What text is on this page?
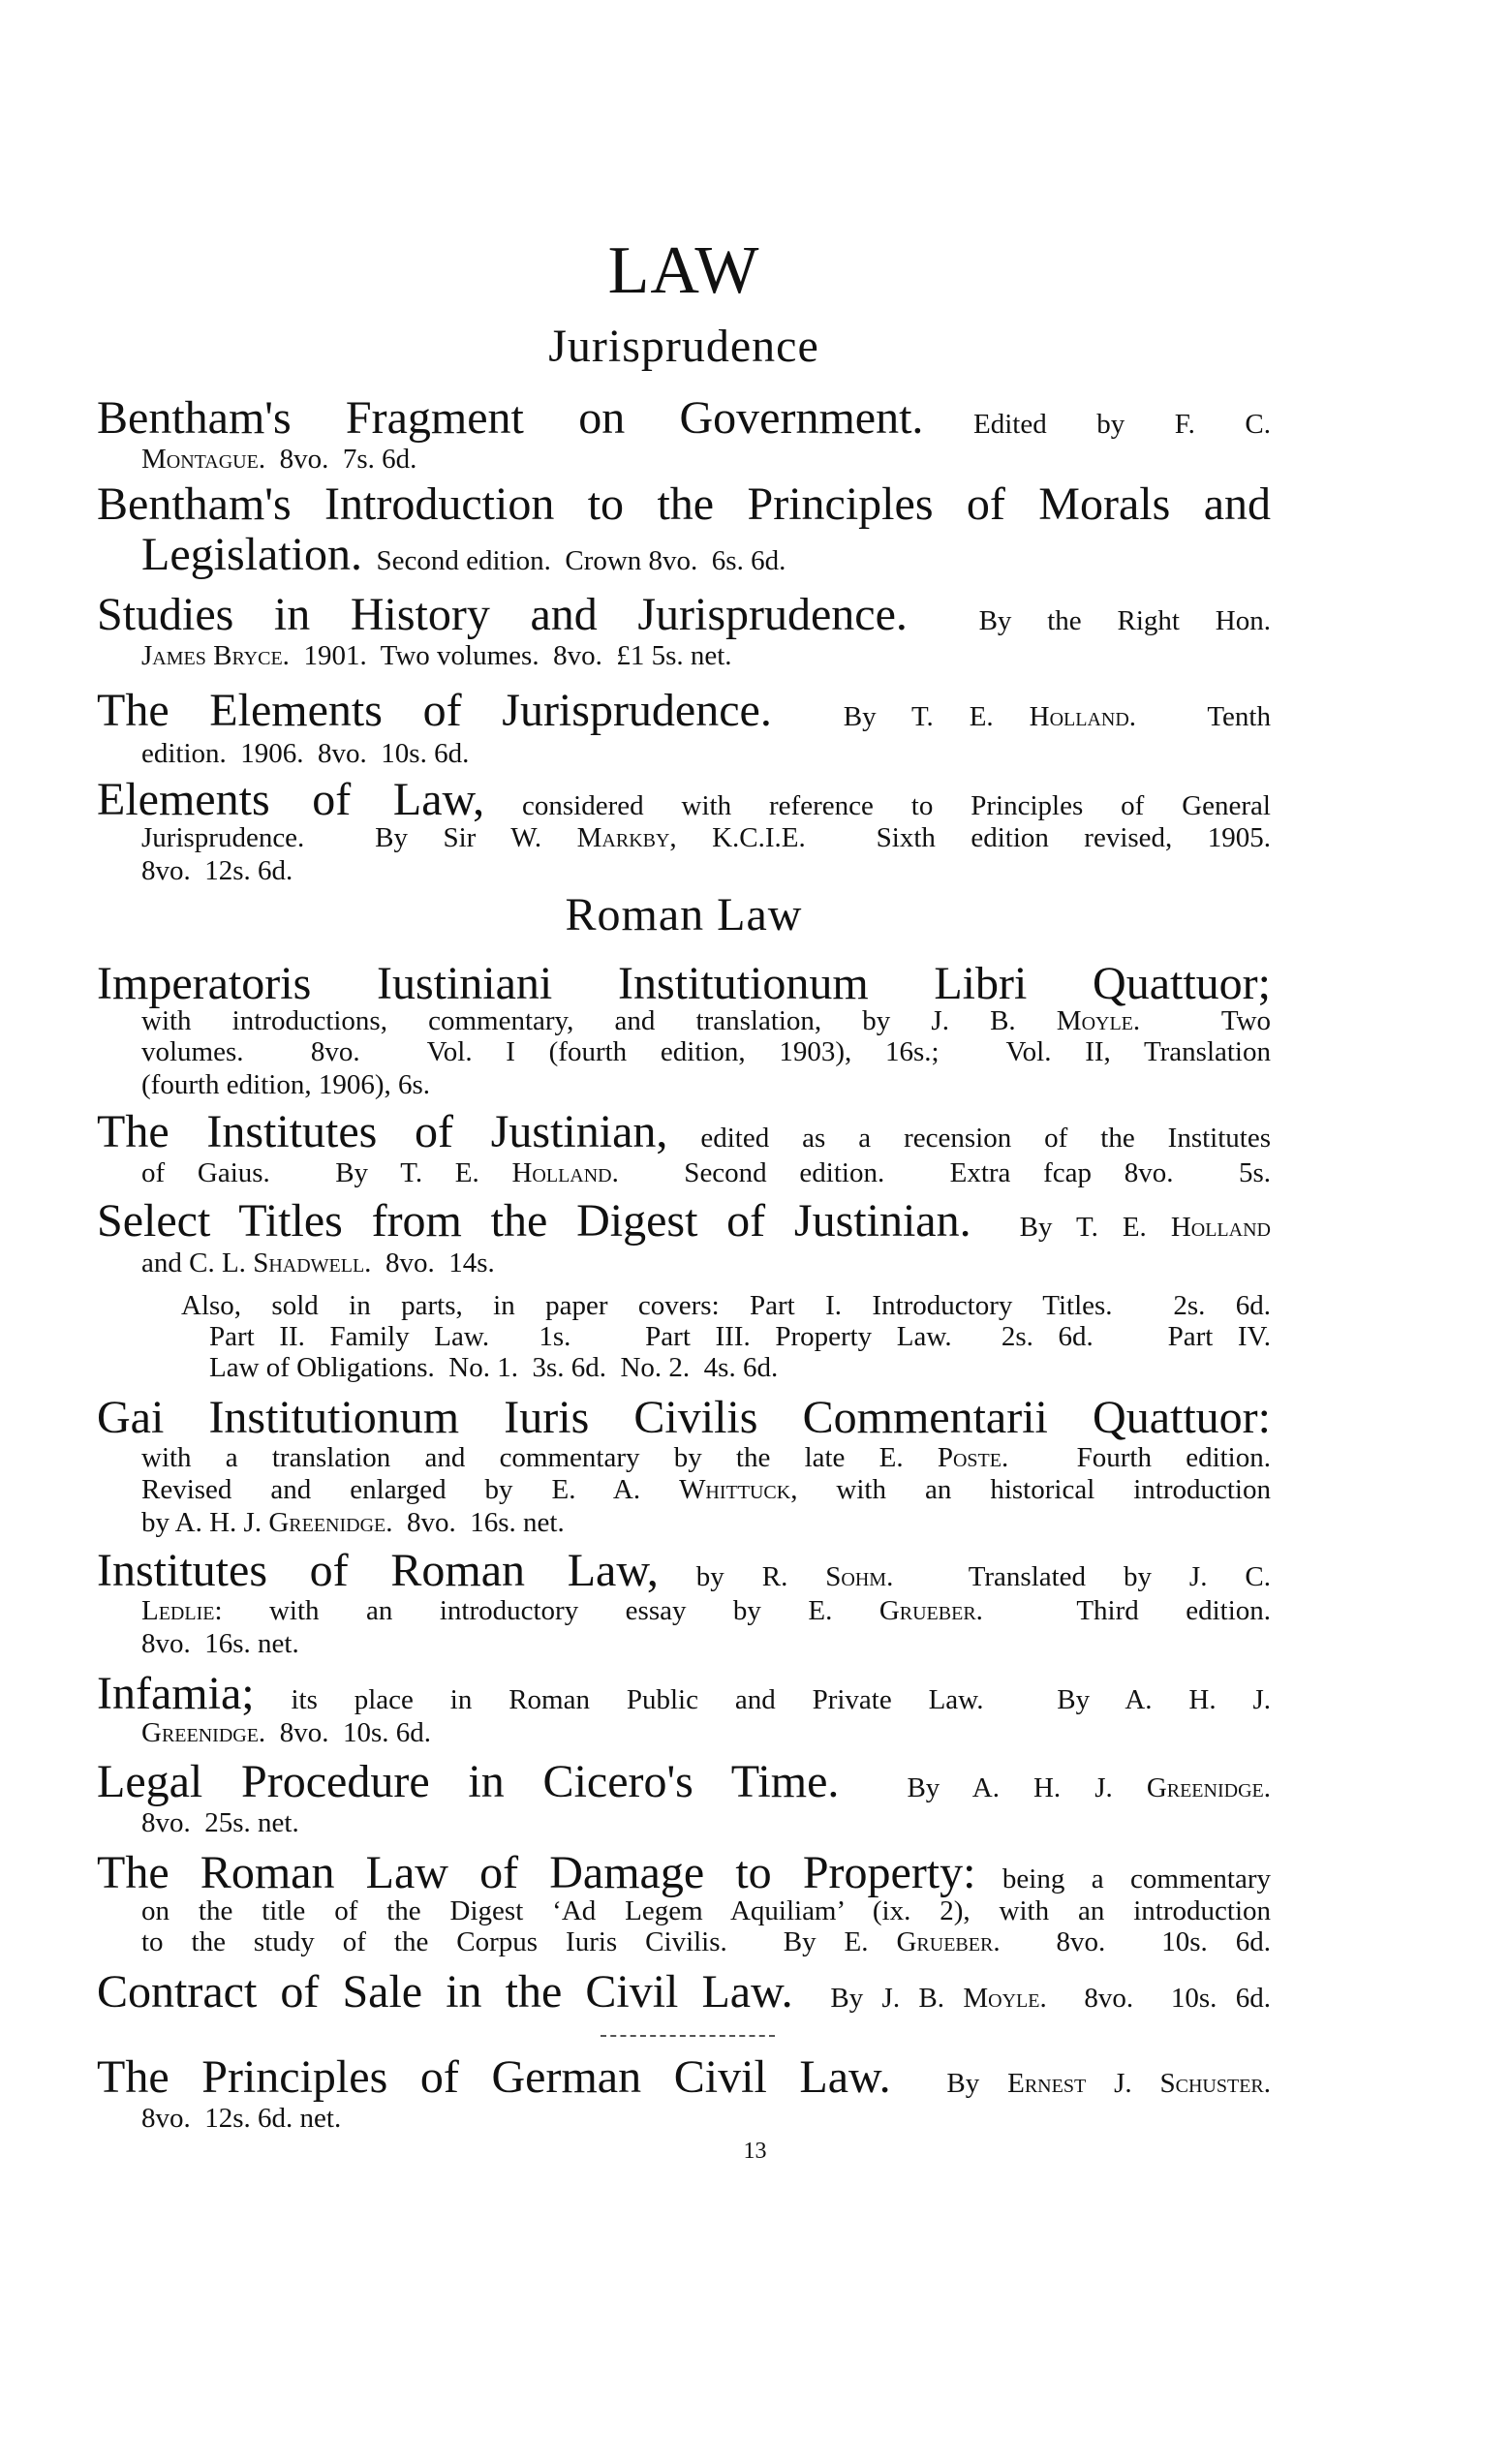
LAW
Jurisprudence
Bentham's Fragment on Government. Edited by F. C.
Montague.  8vo.  7s. 6d.
Bentham's Introduction to the Principles of Morals and
Legislation.  Second edition.  Crown 8vo.  6s. 6d.
Studies in History and Jurisprudence.  By the Right Hon.
James Bryce.  1901.  Two volumes.  8vo.  £1 5s. net.
The Elements of Jurisprudence.  By T. E. Holland.  Tenth
edition.  1906.  8vo.  10s. 6d.
Elements of Law, considered with reference to Principles of General
Jurisprudence.  By Sir W. Markby, K.C.I.E.  Sixth edition revised, 1905.
8vo.  12s. 6d.
Roman Law
Imperatoris Iustiniani Institutionum Libri Quattuor;
with introductions, commentary, and translation, by J. B. Moyle.  Two
volumes.  8vo.  Vol. I (fourth edition, 1903), 16s.;  Vol. II, Translation
(fourth edition, 1906), 6s.
The Institutes of Justinian, edited as a recension of the Institutes
of Gaius.  By T. E. Holland.  Second edition.  Extra fcap 8vo.  5s.
Select Titles from the Digest of Justinian.  By T. E. Holland
and C. L. Shadwell.  8vo.  14s.
Also, sold in parts, in paper covers: Part I. Introductory Titles.  2s. 6d.
Part II. Family Law.  1s.   Part III. Property Law.  2s. 6d.   Part IV.
Law of Obligations.  No. 1.  3s. 6d.  No. 2.  4s. 6d.
Gai Institutionum Iuris Civilis Commentarii Quattuor:
with a translation and commentary by the late E. Poste.  Fourth edition.
Revised and enlarged by E. A. Whittuck, with an historical introduction
by A. H. J. Greenidge.  8vo.  16s. net.
Institutes of Roman Law, by R. Sohm.  Translated by J. C.
Ledlie: with an introductory essay by E. Grueber.  Third edition.
8vo.  16s. net.
Infamia; its place in Roman Public and Private Law.  By A. H. J.
Greenidge.  8vo.  10s. 6d.
Legal Procedure in Cicero's Time.  By A. H. J. Greenidge.
8vo.  25s. net.
The Roman Law of Damage to Property: being a commentary
on the title of the Digest ‘Ad Legem Aquiliam’ (ix. 2), with an introduction
to the study of the Corpus Iuris Civilis.  By E. Grueber.  8vo.  10s. 6d.
Contract of Sale in the Civil Law.  By J. B. Moyle.  8vo.  10s. 6d.
The Principles of German Civil Law.  By Ernest J. Schuster.
8vo.  12s. 6d. net.
13
